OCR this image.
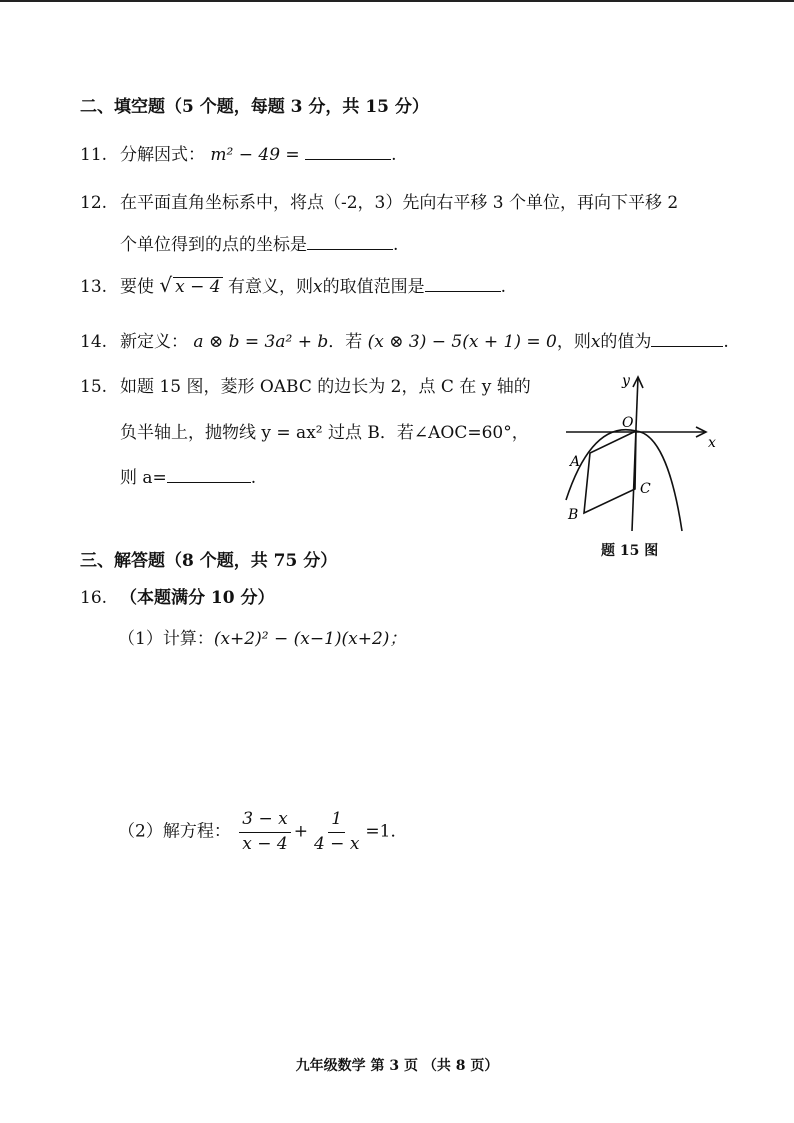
二、填空题（5 个题，每题 3 分，共 15 分）
11. 分解因式： m² − 49 =	.
12. 在平面直角坐标系中，将点（-2，3）先向右平移 3 个单位，再向下平移 2
个单位得到的点的坐标是	.
13. 要使 √ x − 4 有意义，则x的取值范围是	.
14. 新定义： a ⊗ b = 3a² + b．若 (x ⊗ 3) − 5(x + 1) = 0，则x的值为	.
15. 如题 15 图，菱形 OABC 的边长为 2，点 C 在 y 轴的
负半轴上，抛物线 y = ax² 过点 B．若∠AOC=60°，
则 a=	.
O
x
y
A
B
C
题 15 图
三、解答题（8 个题，共 75 分）
16. （本题满分 10 分）
（1）计算：(x+2)² − (x−1)(x+2)；
（2）解方程： $\frac{3 - x}{x - 4} + \frac{1}{4 - x} =1$．
九年级数学 第 3 页 （共 8 页）
